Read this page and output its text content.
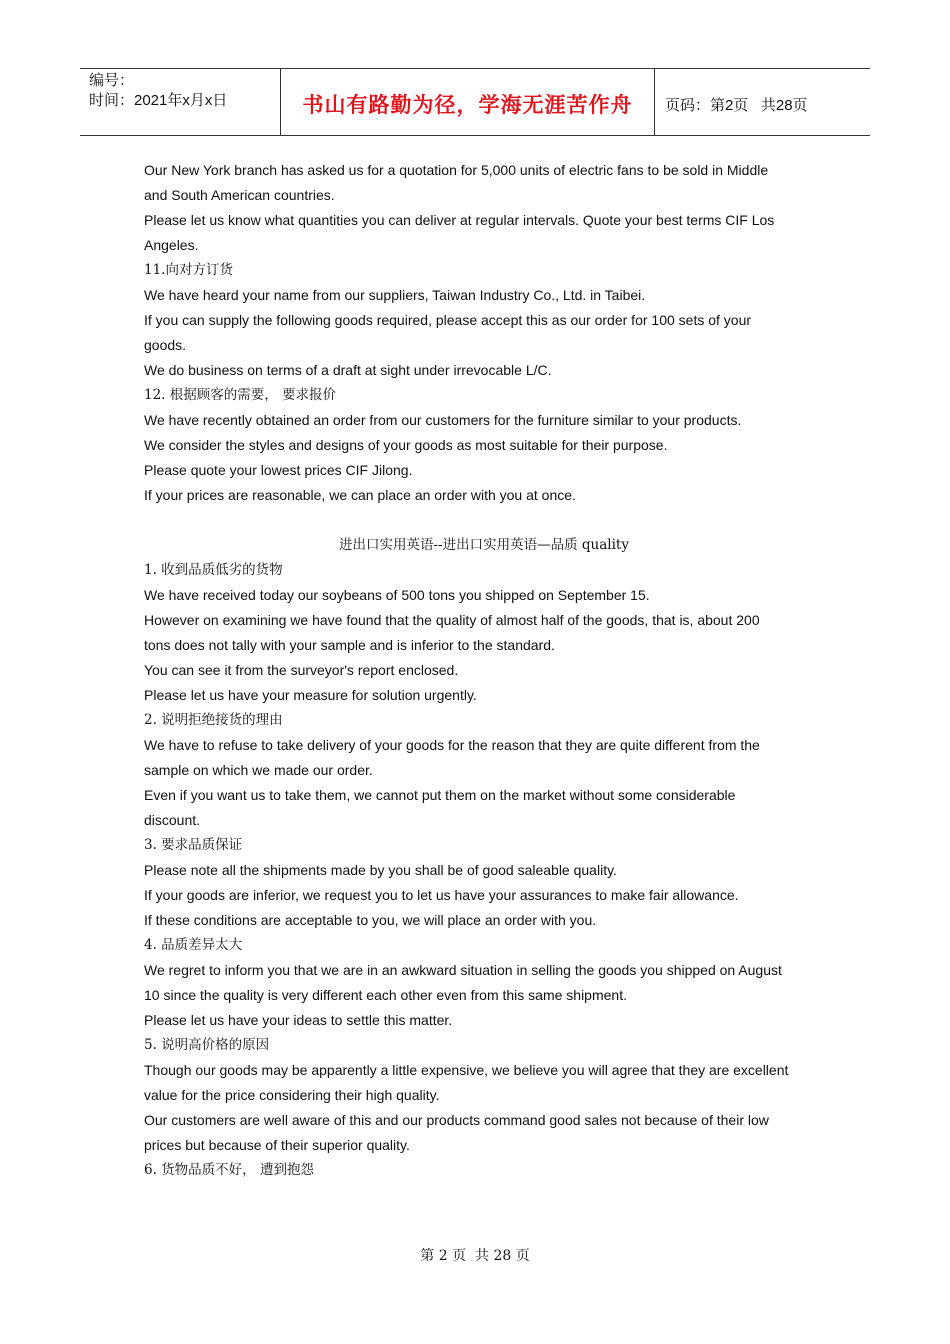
编号：
时间：2021年x月x日	书山有路勤为径，学海无涯苦作舟	页码：第2页   共28页

Our New York branch has asked us for a quotation for 5,000 units of electric fans to be sold in Middle

and South American countries.

Please let us know what quantities you can deliver at regular intervals. Quote your best terms CIF Los

Angeles.

11.向对方订货

We have heard your name from our suppliers, Taiwan Industry Co., Ltd. in Taibei.

If you can supply the following goods required, please accept this as our order for 100 sets of your

goods.

We do business on terms of a draft at sight under irrevocable L/C.

12. 根据顾客的需要， 要求报价

We have recently obtained an order from our customers for the furniture similar to your products.

We consider the styles and designs of your goods as most suitable for their purpose.

Please quote your lowest prices CIF Jilong.

If your prices are reasonable, we can place an order with you at once.

进出口实用英语--进出口实用英语—品质 quality

1. 收到品质低劣的货物

We have received today our soybeans of 500 tons you shipped on September 15.

However on examining we have found that the quality of almost half of the goods, that is, about 200

tons does not tally with your sample and is inferior to the standard.

You can see it from the surveyor's report enclosed.

Please let us have your measure for solution urgently.

2. 说明拒绝接货的理由

We have to refuse to take delivery of your goods for the reason that they are quite different from the

sample on which we made our order.

Even if you want us to take them, we cannot put them on the market without some considerable

discount.

3. 要求品质保证

Please note all the shipments made by you shall be of good saleable quality.

If your goods are inferior, we request you to let us have your assurances to make fair allowance.

If these conditions are acceptable to you, we will place an order with you.

4. 品质差异太大

We regret to inform you that we are in an awkward situation in selling the goods you shipped on August

10 since the quality is very different each other even from this same shipment.

Please let us have your ideas to settle this matter.

5. 说明高价格的原因

Though our goods may be apparently a little expensive, we believe you will agree that they are excellent

value for the price considering their high quality.

Our customers are well aware of this and our products command good sales not because of their low

prices but because of their superior quality.

6. 货物品质不好， 遭到抱怨

第 2 页  共 28 页
